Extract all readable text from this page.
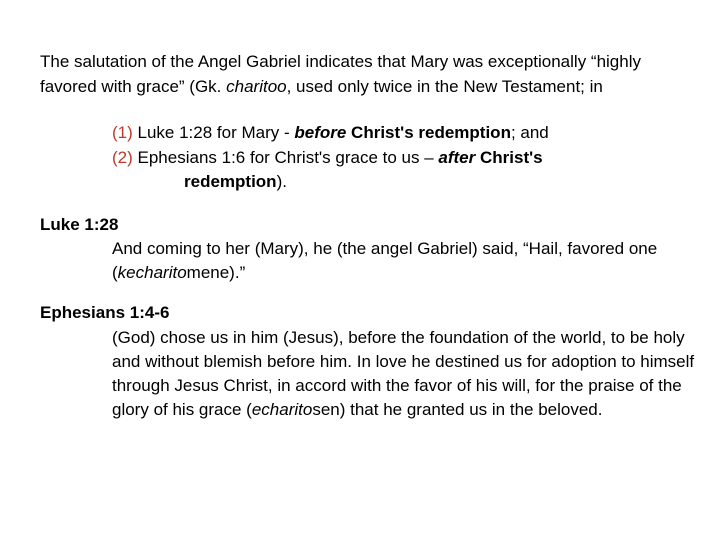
The salutation of the Angel Gabriel indicates that Mary was exceptionally “highly favored with grace” (Gk. charitoo, used only twice in the New Testament; in

(1) Luke 1:28 for Mary - before Christ's redemption; and
(2) Ephesians 1:6 for Christ's grace to us – after Christ's
redemption).
Luke 1:28
And coming to her (Mary), he (the angel Gabriel) said, “Hail, favored one (kecharitomene).”
Ephesians 1:4-6
(God) chose us in him (Jesus), before the foundation of the world, to be holy and without blemish before him. In love he destined us for adoption to himself through Jesus Christ, in accord with the favor of his will, for the praise of the glory of his grace (echaritosen) that he granted us in the beloved.
